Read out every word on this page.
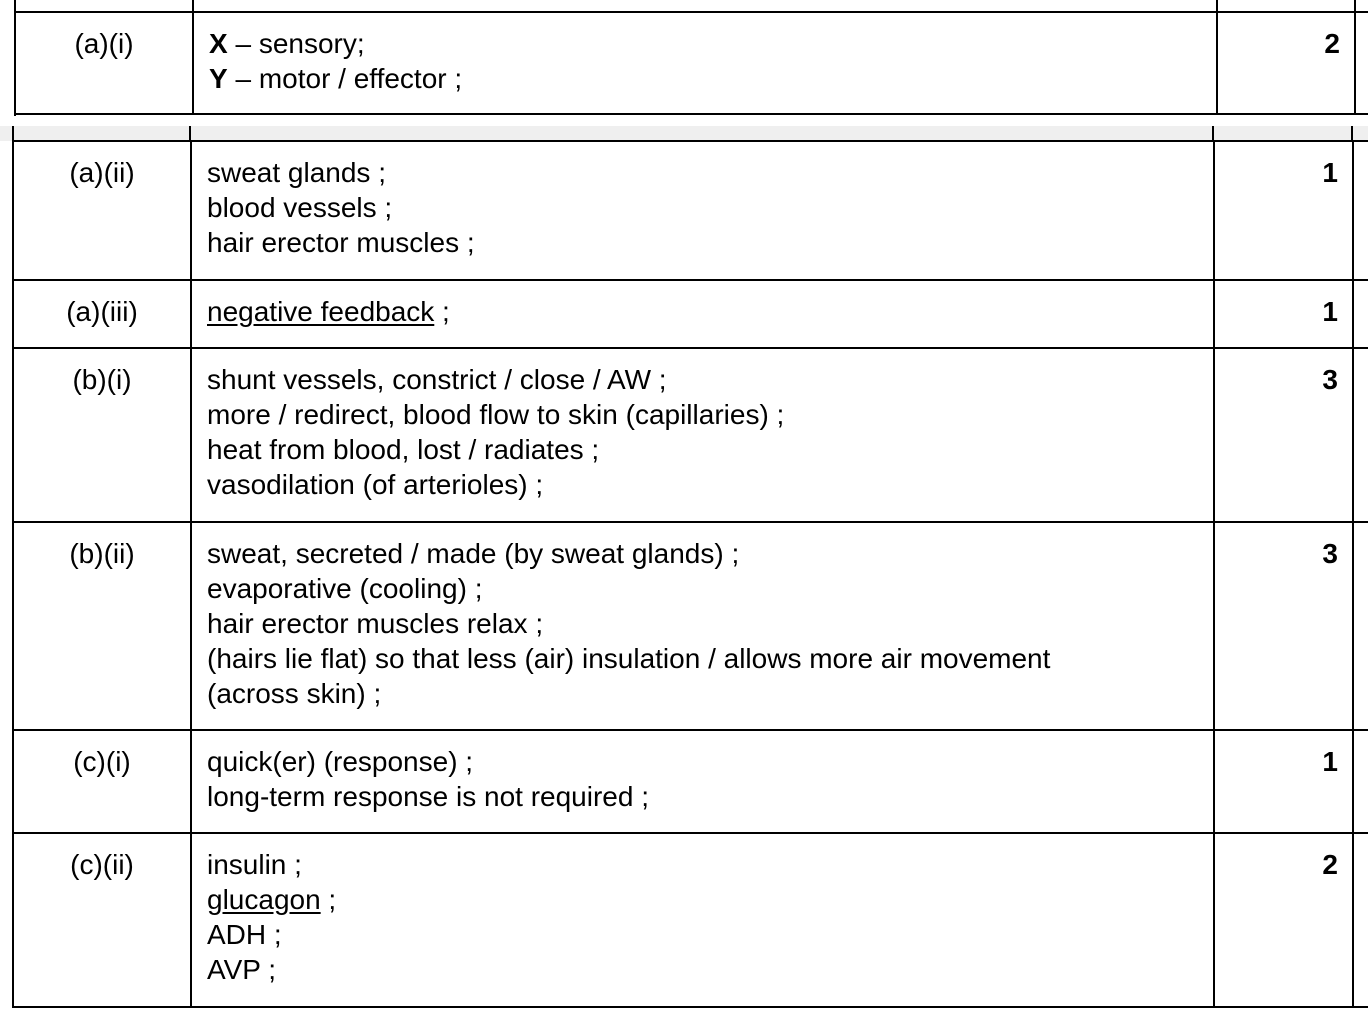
(a)(i)	X – sensory;
Y – motor / effector ;	2	
(a)(ii)	sweat glands ;
blood vessels ;
hair erector muscles ;	1	
(a)(iii)	negative feedback ;	1	
(b)(i)	shunt vessels, constrict / close / AW ;
more / redirect, blood flow to skin (capillaries) ;
heat from blood, lost / radiates ;
vasodilation (of arterioles) ;	3	
(b)(ii)	sweat, secreted / made (by sweat glands) ;
evaporative (cooling) ;
hair erector muscles relax ;
(hairs lie flat) so that less (air) insulation / allows more air movement
(across skin) ;	3	
(c)(i)	quick(er) (response) ;
long-term response is not required ;	1	
(c)(ii)	insulin ;
glucagon ;
ADH ;
AVP ;	2	
